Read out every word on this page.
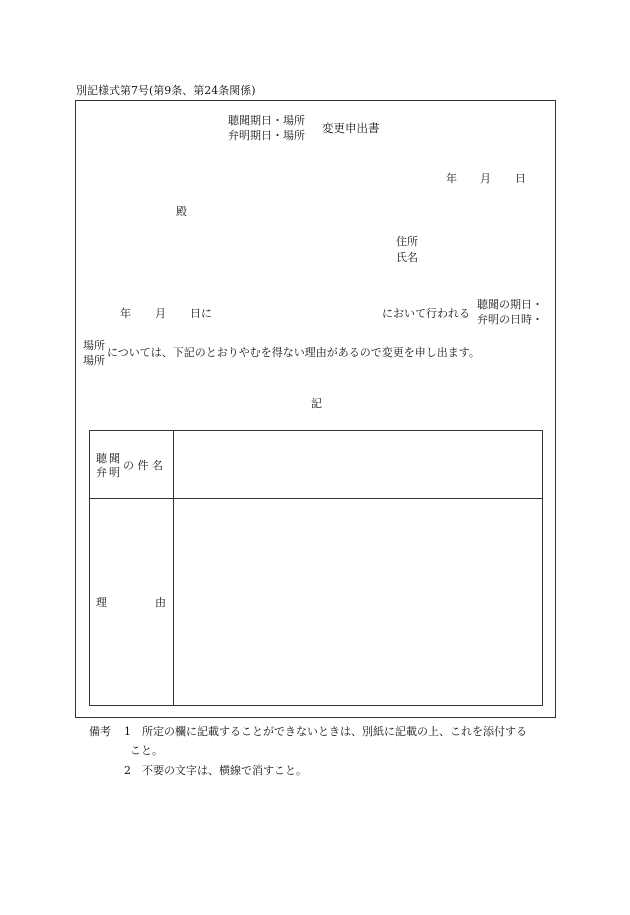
別記様式第7号(第9条、第24条関係)
聴聞期日・場所
弁明期日・場所
変更申出書
年 月 日
殿
住所
氏名
年 月 日に	において行われる
聴聞の期日・
弁明の日時・
場所
場所
については、下記のとおりやむを得ない理由があるので変更を申し出ます。
記
聴 聞
弁 明
の 件 名
理	由
備考 1 所定の欄に記載することができないときは、別紙に記載の上、これを添付する
こと。
2 不要の文字は、横線で消すこと。
